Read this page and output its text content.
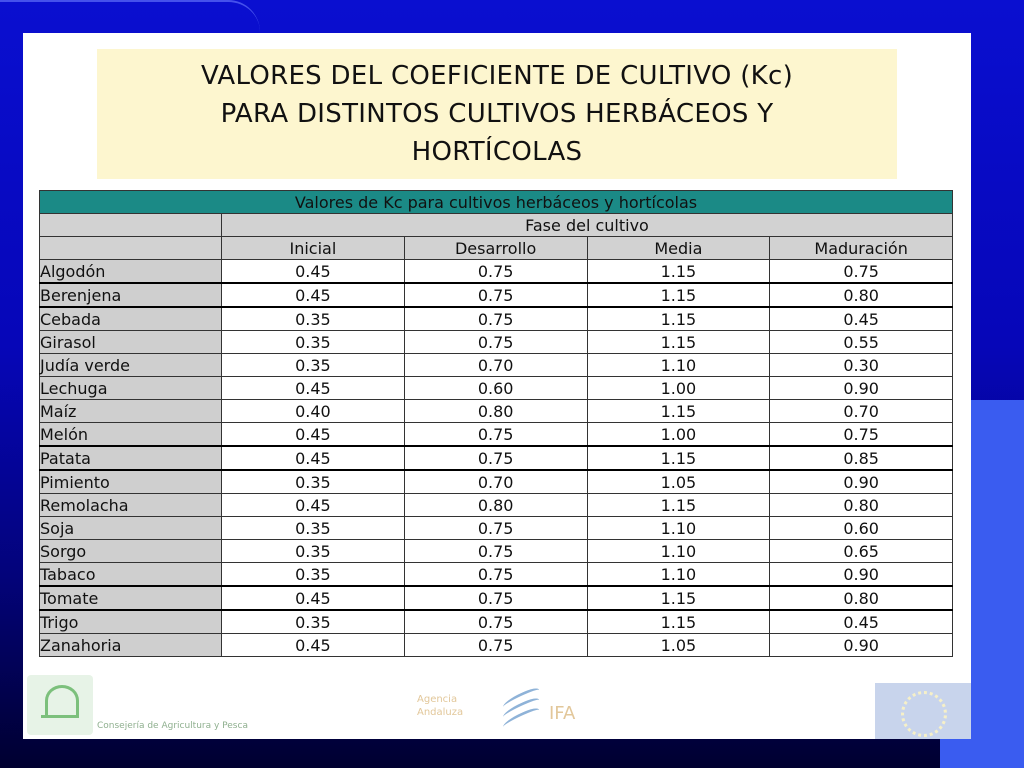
VALORES DEL COEFICIENTE DE CULTIVO (Kc)
PARA DISTINTOS CULTIVOS HERBÁCEOS Y
HORTÍCOLAS
Valores de Kc para cultivos herbáceos y hortícolas				
	Fase del cultivo			
	Inicial	Desarrollo	Media	Maduración
Algodón	0.45	0.75	1.15	0.75
Berenjena	0.45	0.75	1.15	0.80
Cebada	0.35	0.75	1.15	0.45
Girasol	0.35	0.75	1.15	0.55
Judía verde	0.35	0.70	1.10	0.30
Lechuga	0.45	0.60	1.00	0.90
Maíz	0.40	0.80	1.15	0.70
Melón	0.45	0.75	1.00	0.75
Patata	0.45	0.75	1.15	0.85
Pimiento	0.35	0.70	1.05	0.90
Remolacha	0.45	0.80	1.15	0.80
Soja	0.35	0.75	1.10	0.60
Sorgo	0.35	0.75	1.10	0.65
Tabaco	0.35	0.75	1.10	0.90
Tomate	0.45	0.75	1.15	0.80
Trigo	0.35	0.75	1.15	0.45
Zanahoria	0.45	0.75	1.05	0.90
Consejería de Agricultura y Pesca
Agencia
Andaluza	IFA
